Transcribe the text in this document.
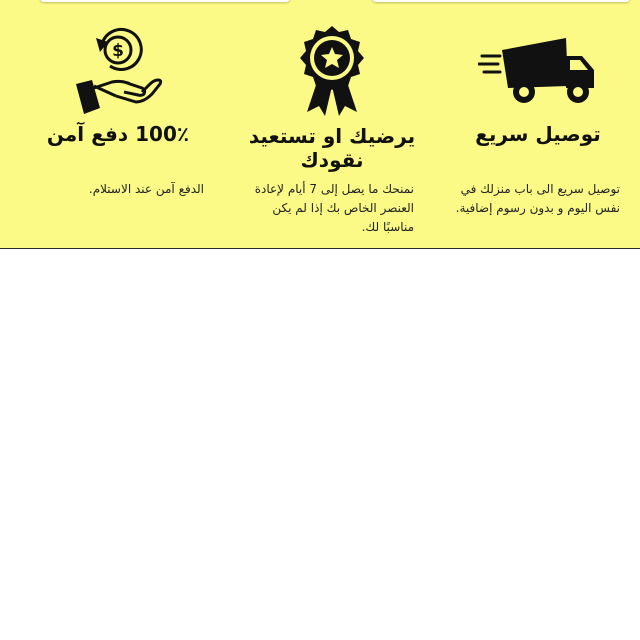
توصيل سريع

توصيل سريع الى باب منزلك في نفس اليوم و بدون رسوم إضافية.

يرضيك او تستعيد نقودك

نمنحك ما يصل إلى 7 أيام لإعادة العنصر الخاص بك إذا لم يكن مناسبًا لك.

$

100٪ دفع آمن

الدفع آمن عند الاستلام.
